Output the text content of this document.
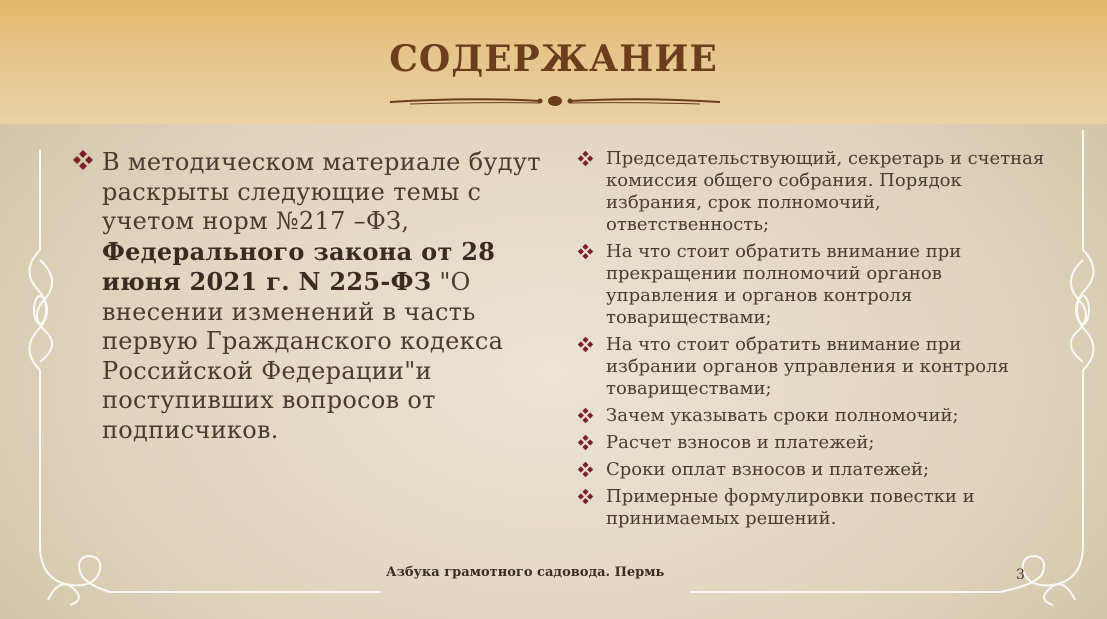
СОДЕРЖАНИЕ
В методическом материале будут раскрыты следующие темы с учетом норм №217 –ФЗ, Федерального закона от 28 июня 2021 г. N 225-ФЗ "О внесении изменений в часть первую Гражданского кодекса Российской Федерации"и поступивших вопросов от подписчиков.
Председательствующий, секретарь и счетная комиссия общего собрания. Порядок избрания, срок полномочий, ответственность;
На что стоит обратить внимание при прекращении полномочий органов управления и органов контроля товариществами;
На что стоит обратить внимание при избрании органов управления и контроля товариществами;
Зачем указывать сроки полномочий;
Расчет взносов и платежей;
Сроки оплат взносов и платежей;
Примерные формулировки повестки и принимаемых решений.
Азбука грамотного садовода. Пермь	3
